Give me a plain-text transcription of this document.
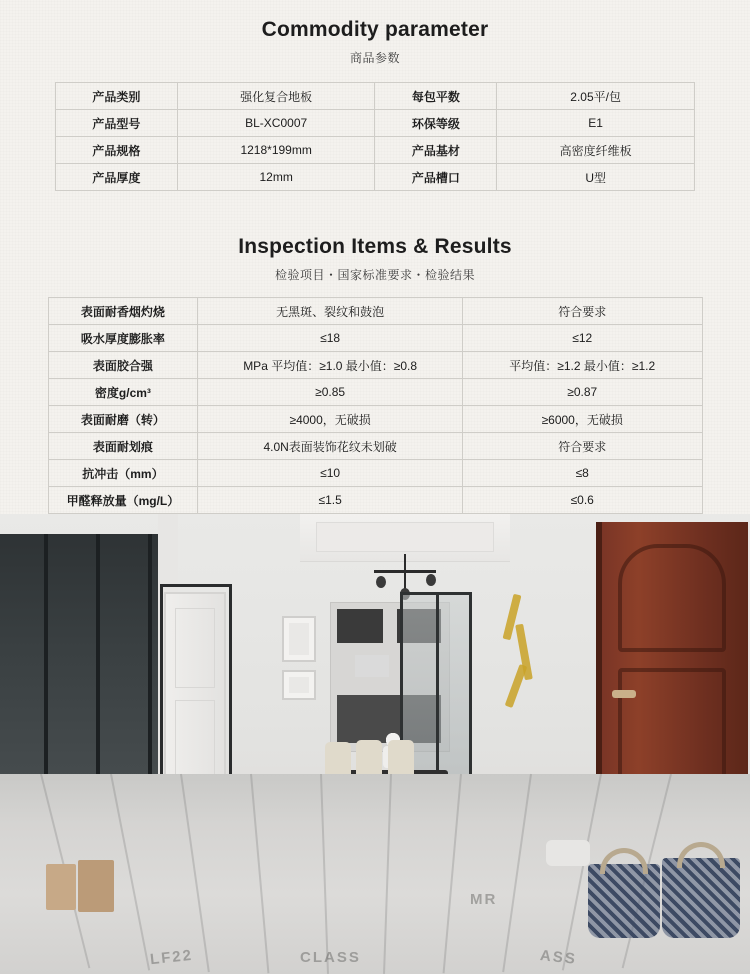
Commodity parameter

商品参数

产品类别	强化复合地板	每包平数	2.05平/包
产品型号	BL-XC0007	环保等级	E1
产品规格	1218*199mm	产品基材	高密度纤维板
产品厚度	12mm	产品槽口	U型
Inspection Items & Results

检验项目・国家标准要求・检验结果

表面耐香烟灼烧	无黑斑、裂纹和鼓泡	符合要求
吸水厚度膨胀率	≤18	≤12
表面胶合强	MPa 平均值：≥1.0 最小值：≥0.8	平均值：≥1.2 最小值：≥1.2
密度g/cm³	≥0.85	≥0.87
表面耐磨（转）	≥4000，无破损	≥6000，无破损
表面耐划痕	4.0N表面装饰花纹未划破	符合要求
抗冲击（mm）	≤10	≤8
甲醛释放量（mg/L）	≤1.5	≤0.6
LF22	CLASS
MR
ASS
